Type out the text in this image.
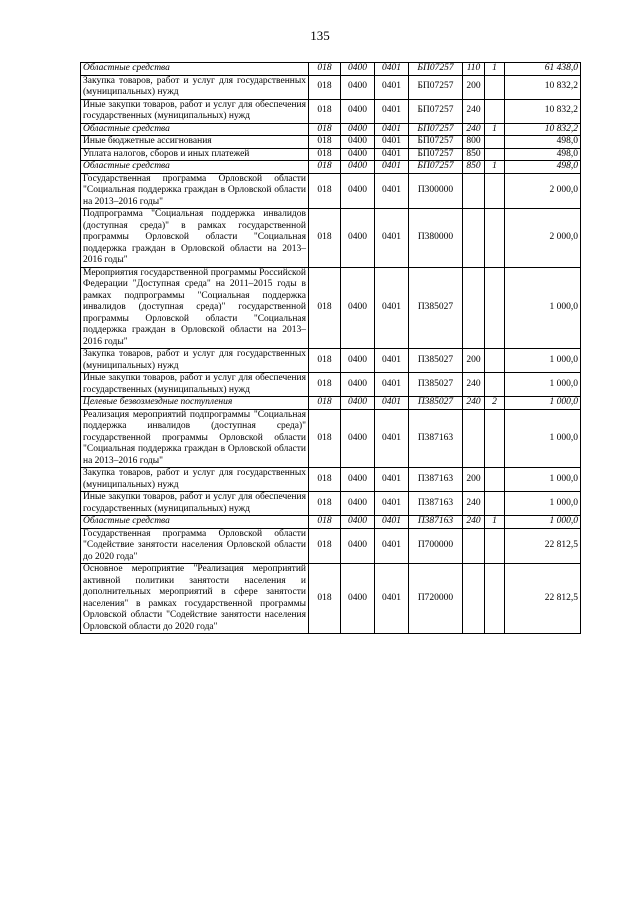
135
Областные средства	018	0400	0401	БП07257	110	1	61 438,0
Закупка товаров, работ и услуг для государственных (муниципальных) нужд	018	0400	0401	БП07257	200		10 832,2
Иные закупки товаров, работ и услуг для обеспечения государственных (муниципальных) нужд	018	0400	0401	БП07257	240		10 832,2
Областные средства	018	0400	0401	БП07257	240	1	10 832,2
Иные бюджетные ассигнования	018	0400	0401	БП07257	800		498,0
Уплата налогов, сборов и иных платежей	018	0400	0401	БП07257	850		498,0
Областные средства	018	0400	0401	БП07257	850	1	498,0
Государственная программа Орловской области "Социальная поддержка граждан в Орловской области на 2013–2016 годы"	018	0400	0401	П300000			2 000,0
Подпрограмма "Социальная поддержка инвалидов (доступная среда)" в рамках государственной программы Орловской области "Социальная поддержка граждан в Орловской области на 2013–2016 годы"	018	0400	0401	П380000			2 000,0
Мероприятия государственной программы Российской Федерации "Доступная среда" на 2011–2015 годы в рамках подпрограммы "Социальная поддержка инвалидов (доступная среда)" государственной программы Орловской области "Социальная поддержка граждан в Орловской области на 2013–2016 годы"	018	0400	0401	П385027			1 000,0
Закупка товаров, работ и услуг для государственных (муниципальных) нужд	018	0400	0401	П385027	200		1 000,0
Иные закупки товаров, работ и услуг для обеспечения государственных (муниципальных) нужд	018	0400	0401	П385027	240		1 000,0
Целевые безвозмездные поступления	018	0400	0401	П385027	240	2	1 000,0
Реализация мероприятий подпрограммы "Социальная поддержка инвалидов (доступная среда)" государственной программы Орловской области "Социальная поддержка граждан в Орловской области на 2013–2016 годы"	018	0400	0401	П387163			1 000,0
Закупка товаров, работ и услуг для государственных (муниципальных) нужд	018	0400	0401	П387163	200		1 000,0
Иные закупки товаров, работ и услуг для обеспечения государственных (муниципальных) нужд	018	0400	0401	П387163	240		1 000,0
Областные средства	018	0400	0401	П387163	240	1	1 000,0
Государственная программа Орловской области "Содействие занятости населения Орловской области до 2020 года"	018	0400	0401	П700000			22 812,5
Основное мероприятие "Реализация мероприятий активной политики занятости населения и дополнительных мероприятий в сфере занятости населения" в рамках государственной программы Орловской области "Содействие занятости населения Орловской области до 2020 года"	018	0400	0401	П720000			22 812,5
